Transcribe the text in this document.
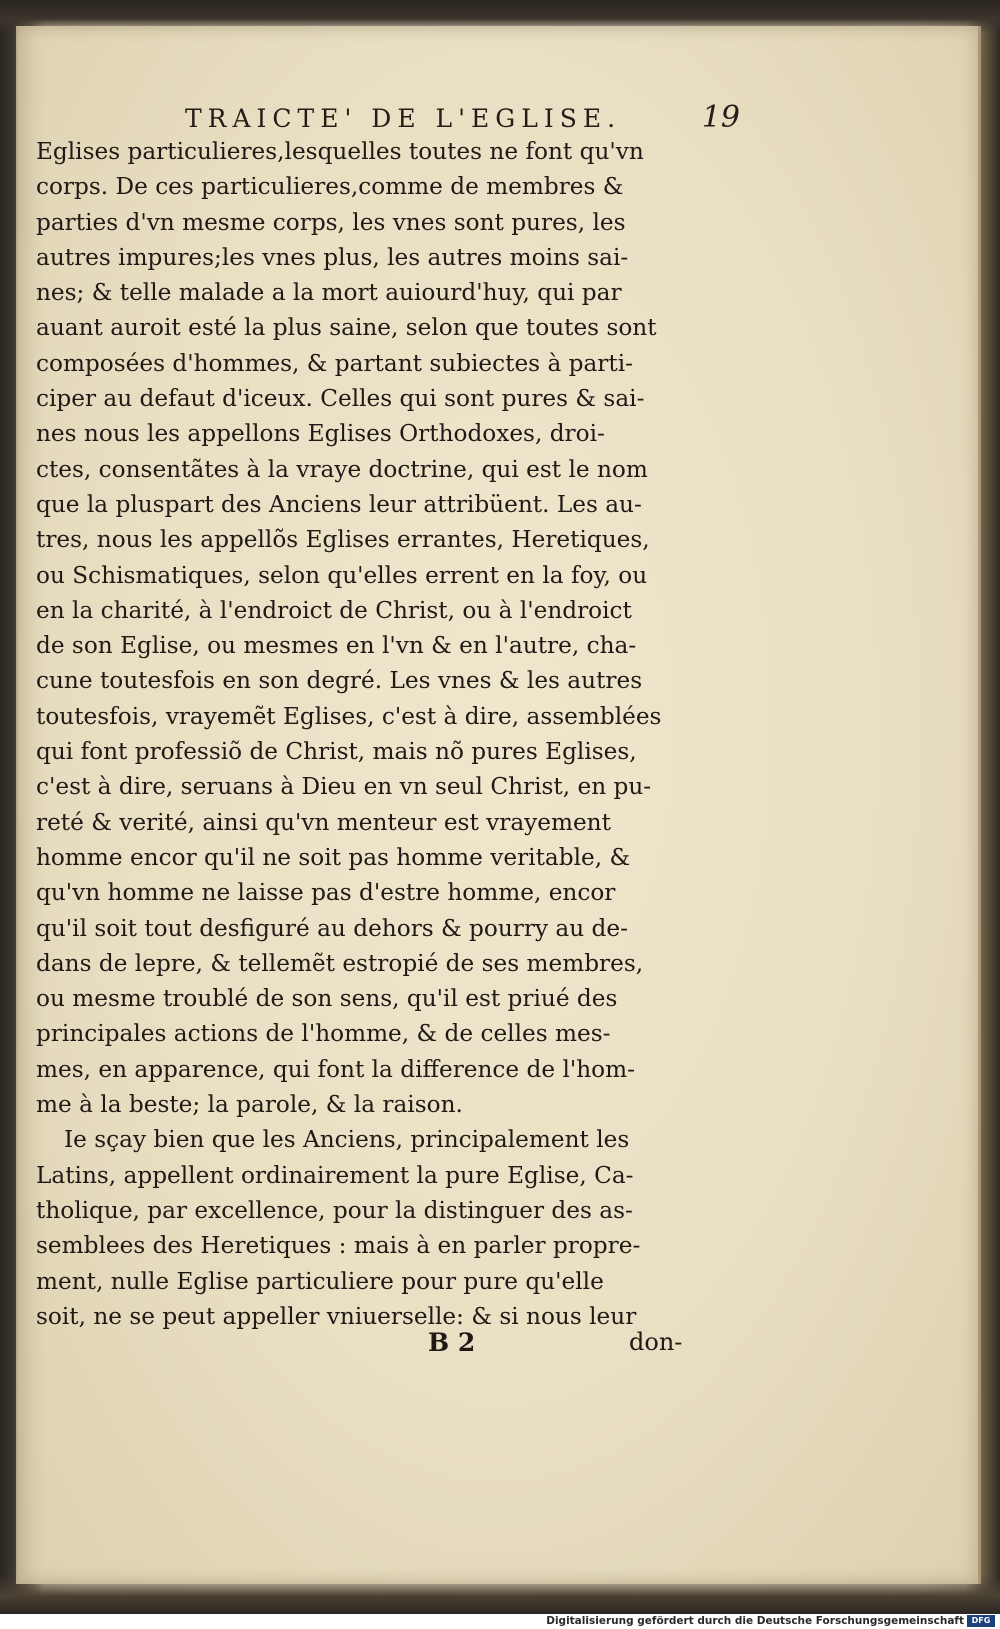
TRAICTE' DE L'EGLISE.	19
Eglises particulieres,lesquelles toutes ne font qu'vn
corps. De ces particulieres,comme de membres &
parties d'vn mesme corps, les vnes sont pures, les
autres impures;les vnes plus, les autres moins sai-
nes; & telle malade a la mort auiourd'huy, qui par
auant auroit esté la plus saine, selon que toutes sont
composées d'hommes, & partant subiectes à parti-
ciper au defaut d'iceux. Celles qui sont pures & sai-
nes nous les appellons Eglises Orthodoxes, droi-
ctes, consentãtes à la vraye doctrine, qui est le nom
que la pluspart des Anciens leur attribüent. Les au-
tres, nous les appellõs Eglises errantes, Heretiques,
ou Schismatiques, selon qu'elles errent en la foy, ou
en la charité, à l'endroict de Christ, ou à l'endroict
de son Eglise, ou mesmes en l'vn & en l'autre, cha-
cune toutesfois en son degré. Les vnes & les autres
toutesfois, vrayemẽt Eglises, c'est à dire, assemblées
qui font professiõ de Christ, mais nõ pures Eglises,
c'est à dire, seruans à Dieu en vn seul Christ, en pu-
reté & verité, ainsi qu'vn menteur est vrayement
homme encor qu'il ne soit pas homme veritable, &
qu'vn homme ne laisse pas d'estre homme, encor
qu'il soit tout desfiguré au dehors & pourry au de-
dans de lepre, & tellemẽt estropié de ses membres,
ou mesme troublé de son sens, qu'il est priué des
principales actions de l'homme, & de celles mes-
mes, en apparence, qui font la difference de l'hom-
me à la beste; la parole, & la raison.
Ie sçay bien que les Anciens, principalement les
Latins, appellent ordinairement la pure Eglise, Ca-
tholique, par excellence, pour la distinguer des as-
semblees des Heretiques : mais à en parler propre-
ment, nulle Eglise particuliere pour pure qu'elle
soit, ne se peut appeller vniuerselle: & si nous leur
B 2	don-
Digitalisierung gefördert durch die Deutsche Forschungsgemeinschaft DFG
